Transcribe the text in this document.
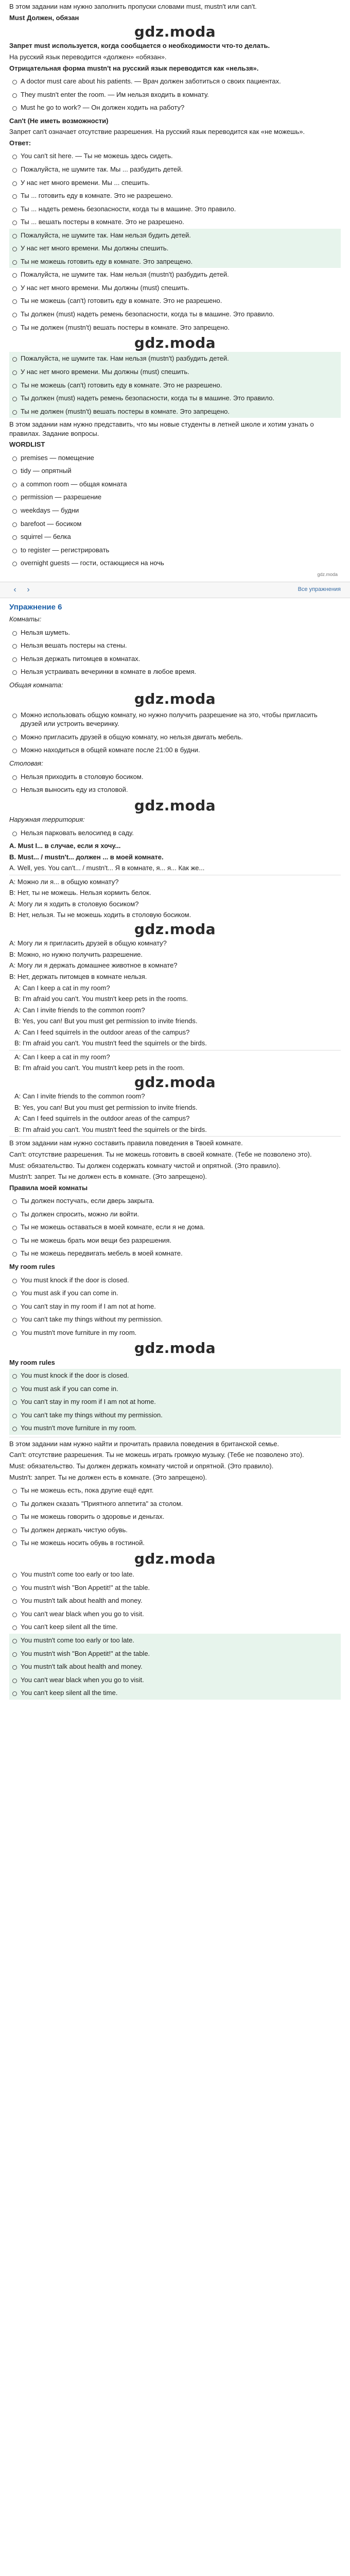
В этом задании нам нужно заполнить пропуски словами must, mustn't или can't.

Must Должен, обязан

gdz.moda

Запрет must используется, когда сообщается о необходимости что-то делать.

На русский язык переводится «должен» «обязан».

Отрицательная форма mustn't на русский язык переводится как «нельзя».

A doctor must care about his patients. — Врач должен заботиться о своих пациентах.
They mustn't enter the room. — Им нельзя входить в комнату.
Must he go to work? — Он должен ходить на работу?

Can't (Не иметь возможности)

Запрет can't означает отсутствие разрешения. На русский язык переводится как «не можешь».

Ответ:

You can't sit here. — Ты не можешь здесь сидеть.
Пожалуйста, не шумите так. Мы ... разбудить детей.
У нас нет много времени. Мы ... спешить.
Ты ... готовить еду в комнате. Это не разрешено.
Ты ... надеть ремень безопасности, когда ты в машине. Это правило.
Ты ... вешать постеры в комнате. Это не разрешено.
Пожалуйста, не шумите так. Нам нельзя будить детей.
У нас нет много времени. Мы должны спешить.
Ты не можешь готовить еду в комнате. Это запрещено.
Пожалуйста, не шумите так. Нам нельзя (mustn't) разбудить детей.
У нас нет много времени. Мы должны (must) спешить.
Ты не можешь (can't) готовить еду в комнате. Это не разрешено.
Ты должен (must) надеть ремень безопасности, когда ты в машине. Это правило.
Ты не должен (mustn't) вешать постеры в комнате. Это запрещено.
gdz.moda
Пожалуйста, не шумите так. Нам нельзя (mustn't) разбудить детей.
У нас нет много времени. Мы должны (must) спешить.
Ты не можешь (can't) готовить еду в комнате. Это не разрешено.
Ты должен (must) надеть ремень безопасности, когда ты в машине. Это правило.
Ты не должен (mustn't) вешать постеры в комнате. Это запрещено.

В этом задании нам нужно представить, что мы новые студенты в летней школе и хотим узнать о правилах. Задание вопросы.

WORDLIST

premises — помещение
tidy — опрятный
a common room — общая комната
permission — разрешение
weekdays — будни
barefoot — босиком
squirrel — белка
to register — регистрировать
overnight guests — гости, остающиеся на ночь
gdz.moda
‹	›	Все упражнения
Упражнение 6

Комнаты:

Нельзя шуметь.
Нельзя вешать постеры на стены.
Нельзя держать питомцев в комнатах.
Нельзя устраивать вечеринки в комнате в любое время.

Общая комната:

gdz.moda
Можно использовать общую комнату, но нужно получить разрешение на это, чтобы пригласить друзей или устроить вечеринку.
Можно пригласить друзей в общую комнату, но нельзя двигать мебель.
Можно находиться в общей комнате после 21:00 в будни.

Столовая:

Нельзя приходить в столовую босиком.
Нельзя выносить еду из столовой.
gdz.moda

Наружная территория:

Нельзя парковать велосипед в саду.

A. Must I... в случае, если я хочу...

B. Must... / mustn't... должен ... в моей комнате.

A. Well, yes. You can't... / mustn't... Я в комнате, я... я... Как же...

A: Можно ли я... в общую комнату?

B: Нет, ты не можешь. Нельзя кормить белок.

A: Могу ли я ходить в столовую босиком?

B: Нет, нельзя. Ты не можешь ходить в столовую босиком.

gdz.moda

A: Могу ли я пригласить друзей в общую комнату?

B: Можно, но нужно получить разрешение.

A: Могу ли я держать домашнее животное в комнате?

B: Нет, держать питомцев в комнате нельзя.

A: Can I keep a cat in my room?

B: I'm afraid you can't. You mustn't keep pets in the rooms.

A: Can I invite friends to the common room?

B: Yes, you can! But you must get permission to invite friends.

A: Can I feed squirrels in the outdoor areas of the campus?

B: I'm afraid you can't. You mustn't feed the squirrels or the birds.

A: Can I keep a cat in my room?

B: I'm afraid you can't. You mustn't keep pets in the room.

gdz.moda

A: Can I invite friends to the common room?

B: Yes, you can! But you must get permission to invite friends.

A: Can I feed squirrels in the outdoor areas of the campus?

B: I'm afraid you can't. You mustn't feed the squirrels or the birds.

В этом задании нам нужно составить правила поведения в Твоей комнате.

Can't: отсутствие разрешения. Ты не можешь готовить в своей комнате. (Тебе не позволено это).

Must: обязательство. Ты должен содержать комнату чистой и опрятной. (Это правило).

Mustn't: запрет. Ты не должен есть в комнате. (Это запрещено).

Правила моей комнаты

Ты должен постучать, если дверь закрыта.
Ты должен спросить, можно ли войти.
Ты не можешь оставаться в моей комнате, если я не дома.
Ты не можешь брать мои вещи без разрешения.
Ты не можешь передвигать мебель в моей комнате.

My room rules

You must knock if the door is closed.
You must ask if you can come in.
You can't stay in my room if I am not at home.
You can't take my things without my permission.
You mustn't move furniture in my room.
gdz.moda

My room rules

You must knock if the door is closed.
You must ask if you can come in.
You can't stay in my room if I am not at home.
You can't take my things without my permission.
You mustn't move furniture in my room.

В этом задании нам нужно найти и прочитать правила поведения в британской семье.

Can't: отсутствие разрешения. Ты не можешь играть громкую музыку. (Тебе не позволено это).

Must: обязательство. Ты должен держать комнату чистой и опрятной. (Это правило).

Mustn't: запрет. Ты не должен есть в комнате. (Это запрещено).

Ты не можешь есть, пока другие ещё едят.
Ты должен сказать "Приятного аппетита" за столом.
Ты не можешь говорить о здоровье и деньгах.
Ты должен держать чистую обувь.
Ты не можешь носить обувь в гостиной.
gdz.moda
You mustn't come too early or too late.
You mustn't wish "Bon Appetit!" at the table.
You mustn't talk about health and money.
You can't wear black when you go to visit.
You can't keep silent all the time.
You mustn't come too early or too late.
You mustn't wish "Bon Appetit!" at the table.
You mustn't talk about health and money.
You can't wear black when you go to visit.
You can't keep silent all the time.
